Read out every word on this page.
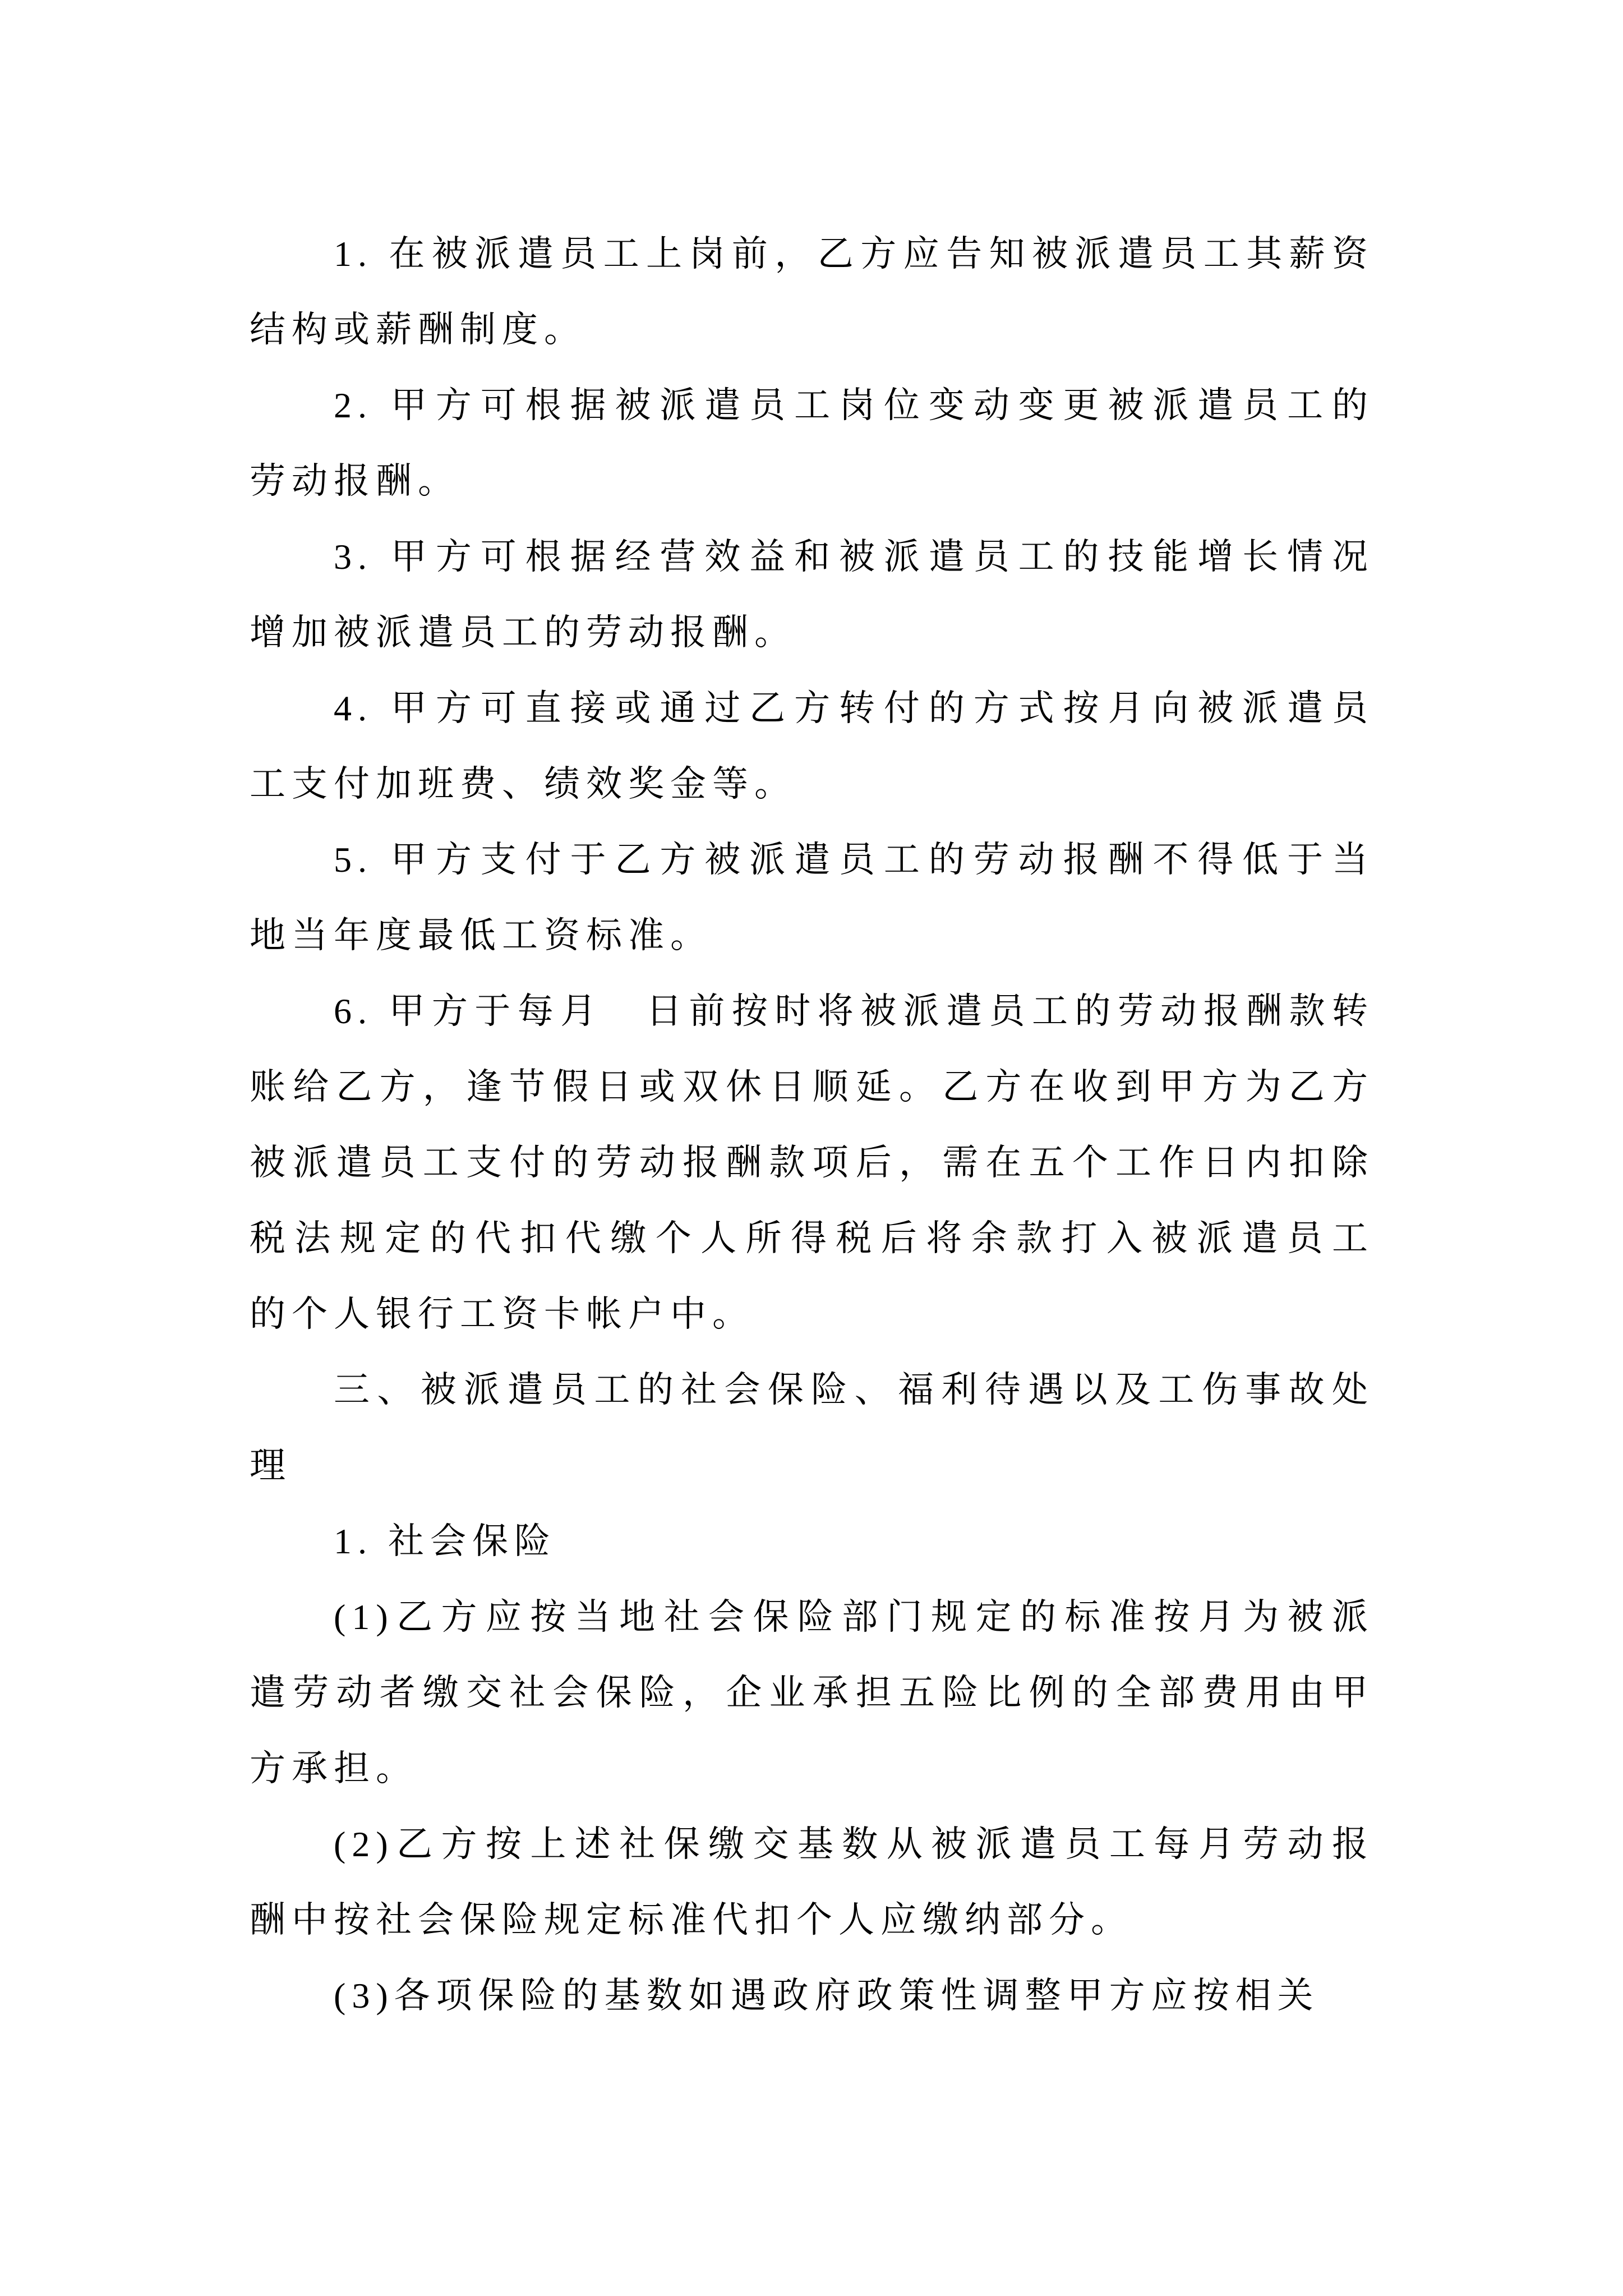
1. 在被派遣员工上岗前，乙方应告知被派遣员工其薪资
结构或薪酬制度。

2. 甲方可根据被派遣员工岗位变动变更被派遣员工的
劳动报酬。

3. 甲方可根据经营效益和被派遣员工的技能增长情况
增加被派遣员工的劳动报酬。

4. 甲方可直接或通过乙方转付的方式按月向被派遣员
工支付加班费、绩效奖金等。

5. 甲方支付于乙方被派遣员工的劳动报酬不得低于当
地当年度最低工资标准。

6. 甲方于每月　日前按时将被派遣员工的劳动报酬款转
账给乙方，逢节假日或双休日顺延。乙方在收到甲方为乙方
被派遣员工支付的劳动报酬款项后，需在五个工作日内扣除
税法规定的代扣代缴个人所得税后将余款打入被派遣员工
的个人银行工资卡帐户中。

三、被派遣员工的社会保险、福利待遇以及工伤事故处
理

1. 社会保险

(1)乙方应按当地社会保险部门规定的标准按月为被派
遣劳动者缴交社会保险，企业承担五险比例的全部费用由甲
方承担。

(2)乙方按上述社保缴交基数从被派遣员工每月劳动报
酬中按社会保险规定标准代扣个人应缴纳部分。

(3)各项保险的基数如遇政府政策性调整甲方应按相关
